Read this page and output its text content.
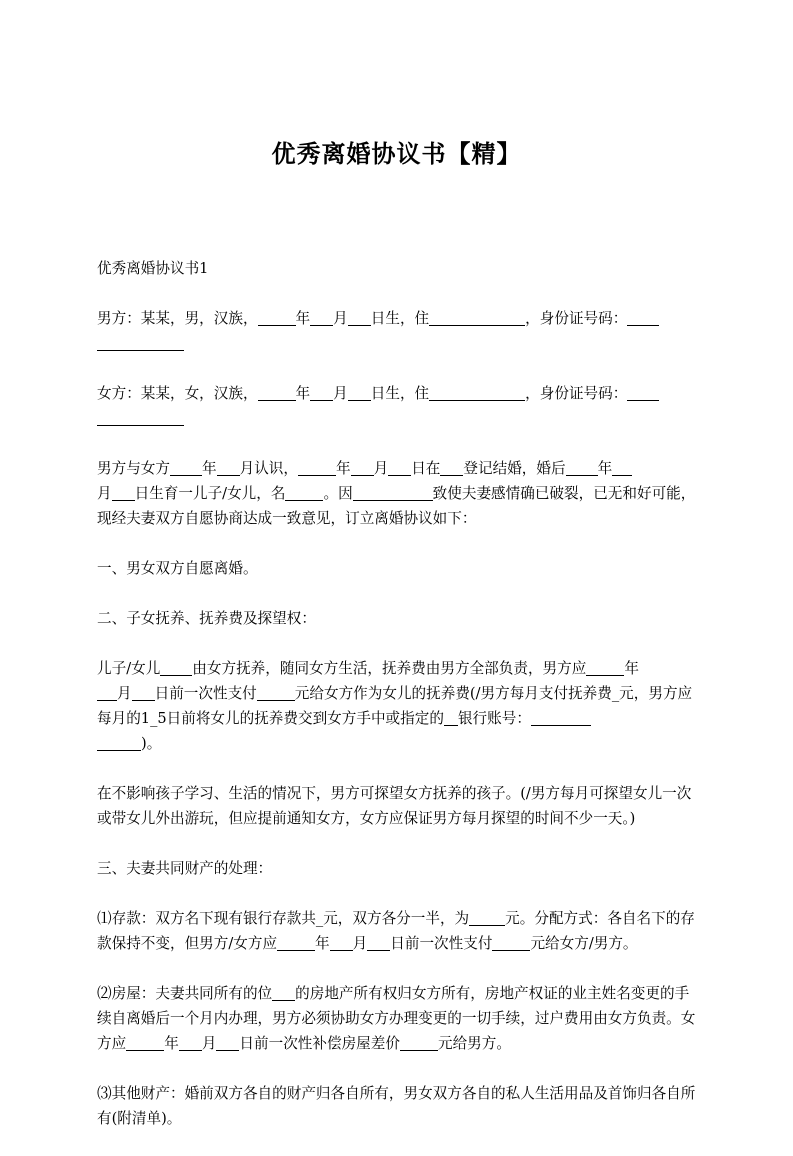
优秀离婚协议书【精】

优秀离婚协议书1

男方：某某，男，汉族，	年 月 日生，住	，身份证号码：

女方：某某，女，汉族，	年 月 日生，住	，身份证号码：

男方与女方 年 月认识，	年 月 日在 登记结婚，婚后 年
月 日生育一儿子/女儿，名	。因	致使夫妻感情确已破裂，已无和好可能，现经夫妻双方自愿协商达成一致意见，订立离婚协议如下：

一、男女双方自愿离婚。

二、子女抚养、抚养费及探望权：

儿子/女儿 由女方抚养，随同女方生活，抚养费由男方全部负责，男方应	年
月 日前一次性支付	元给女方作为女儿的抚养费(/男方每月支付抚养费_元，男方应每月的1_5日前将女儿的抚养费交到女方手中或指定的 银行账号：
)。

在不影响孩子学习、生活的情况下，男方可探望女方抚养的孩子。(/男方每月可探望女儿一次或带女儿外出游玩，但应提前通知女方，女方应保证男方每月探望的时间不少一天。)

三、夫妻共同财产的处理：

⑴存款：双方名下现有银行存款共_元，双方各分一半，为 元。分配方式：各自名下的存款保持不变，但男方/女方应	年 月 日前一次性支付	元给女方/男方。

⑵房屋：夫妻共同所有的位 的房地产所有权归女方所有，房地产权证的业主姓名变更的手续自离婚后一个月内办理，男方必须协助女方办理变更的一切手续，过户费用由女方负责。女方应	年 月 日前一次性补偿房屋差价	元给男方。

⑶其他财产：婚前双方各自的财产归各自所有，男女双方各自的私人生活用品及首饰归各自所有(附清单)。
